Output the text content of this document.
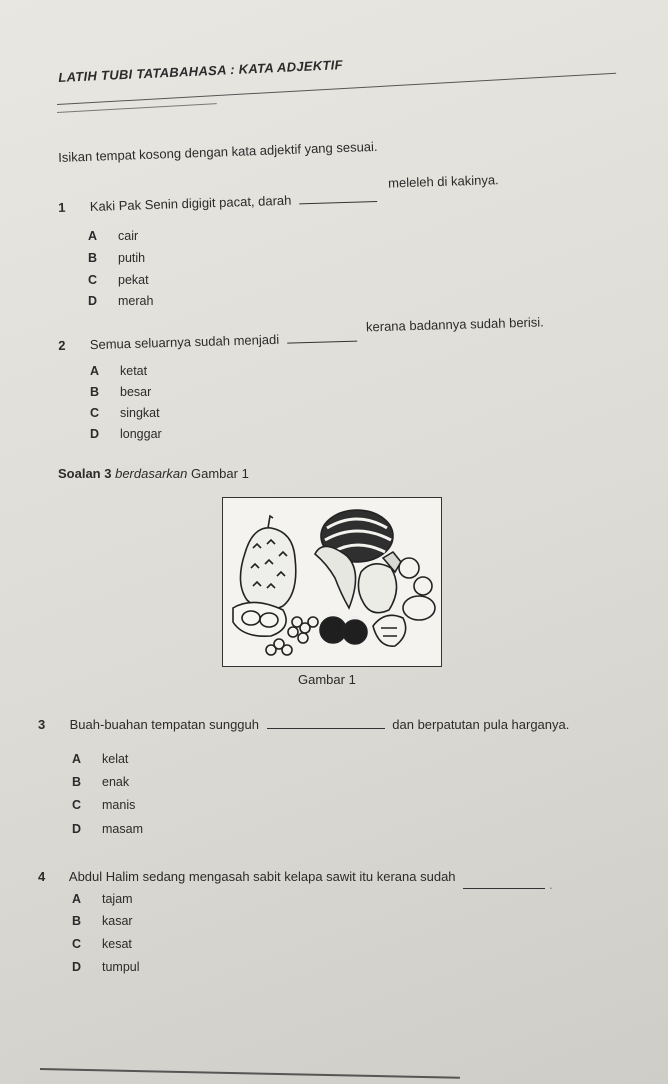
LATIH TUBI TATABAHASA : KATA ADJEKTIF
Isikan tempat kosong dengan kata adjektif yang sesuai.
1 Kaki Pak Senin digigit pacat, darah  meleleh di kakinya.
A cair
B putih
C pekat
D merah
2 Semua seluarnya sudah menjadi  kerana badannya sudah berisi.
A ketat
B besar
C singkat
D longgar
Soalan 3 berdasarkan Gambar 1
Gambar 1
3 Buah-buahan tempatan sungguh	dan berpatutan pula harganya.
A kelat
B enak
C manis
D masam
4 Abdul Halim sedang mengasah sabit kelapa sawit itu kerana sudah .
A tajam
B kasar
C kesat
D tumpul
